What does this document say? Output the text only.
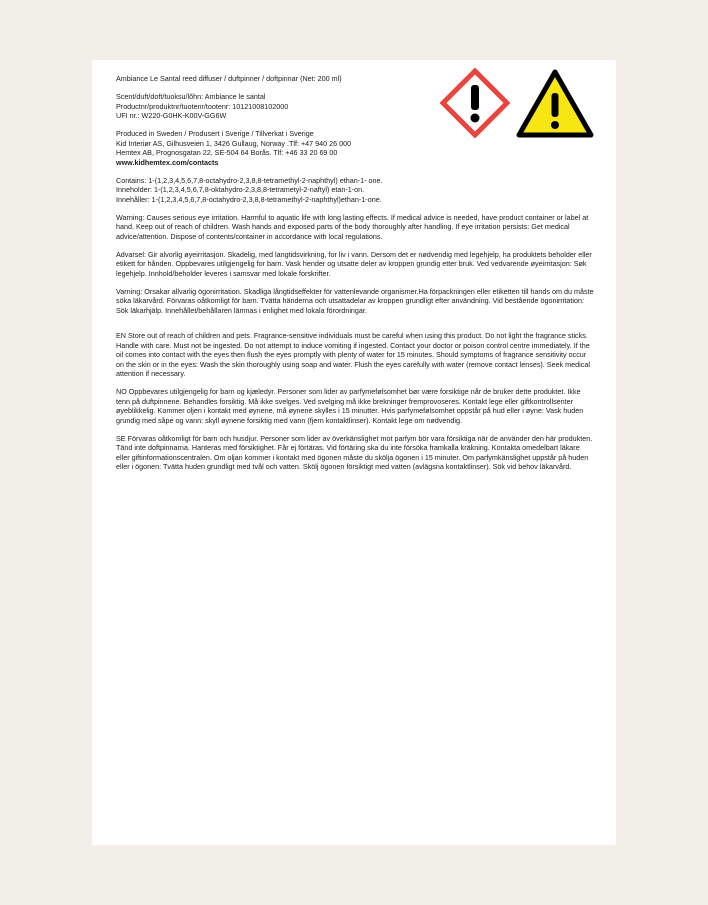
Ambiance Le Santal reed diffuser / duftpinner / doftpinnar (Net: 200 ml)

Scent/duft/doft/tuoksu/lõhn: Ambiance le santal

Productnr/produktnr/tuotenr/tootenr: 10121008102000

UFI nr.: W220-G0HK-K00V-GG6W

Produced in Sweden / Produsert i Sverige / Tillverkat i Sverige

Kid Interiør AS, Gilhusveien 1, 3426 Gullaug, Norway .Tlf: +47 940 26 000

Hemtex AB, Prognosgatan 22, SE-504 64 Borås. Tlf: +46 33 20 69 00

www.kidhemtex.com/contacts

Contains: 1-(1,2,3,4,5,6,7,8-octahydro-2,3,8,8-tetramethyl-2-naphthyl) ethan-1- one.

Inneholder: 1-(1,2,3,4,5,6,7,8-oktahydro-2,3,8,8-tetrametyl-2-naftyl) etan-1-on.

Innehåller: 1-(1,2,3,4,5,6,7,8-octahydro-2,3,8,8-tetramethyl-2-naphthyl)ethan-1-one.

Warning: Causes serious eye irritation. Harmful to aquatic life with long lasting effects. If medical advice is needed, have product container or label at hand. Keep out of reach of children. Wash hands and exposed parts of the body thoroughly after handling. If eye irritation persists: Get medical advice/attention. Dispose of contents/container in accordance with local regulations.

Advarsel: Gir alvorlig øyeirritasjon. Skadelig, med langtidsvirkning, for liv i vann. Dersom det er nødvendig med legehjelp, ha produktets beholder eller etikett for hånden. Oppbevares utilgjengelig for barn. Vask hender og utsatte deler av kroppen grundig etter bruk. Ved vedvarende øyeirritasjon: Søk legehjelp. Innhold/beholder leveres i samsvar med lokale forskrifter.

Varning: Orsakar allvarlig ögonirritation. Skadliga långtidseffekter för vattenlevande organismer.Ha förpackningen eller etiketten till hands om du måste söka läkarvård. Förvaras oåtkomligt för barn. Tvätta händerna och utsattadelar av kroppen grundligt efter användning. Vid bestående ögonirritation: Sök läkarhjälp. Innehållet/behållaren lämnas i enlighet med lokala förordningar.

EN Store out of reach of children and pets. Fragrance-sensitive individuals must be careful when using this product. Do not light the fragrance sticks. Handle with care. Must not be ingested. Do not attempt to induce vomiting if ingested. Contact your doctor or poison control centre immediately. If the oil comes into contact with the eyes then flush the eyes promptly with plenty of water for 15 minutes. Should symptoms of fragrance sensitivity occur on the skin or in the eyes: Wash the skin thoroughly using soap and water. Flush the eyes carefully with water (remove contact lenses). Seek medical attention if necessary.

NO Oppbevares utilgjengelig for barn og kjæledyr. Personer som lider av parfymefølsomhet bør være forsiktige når de bruker dette produktet. Ikke tenn på duftpinnene. Behandles forsiktig. Må ikke svelges. Ved svelging må ikke brekninger fremprovoseres. Kontakt lege eller giftkontrollsenter øyeblikkelig. Kommer oljen i kontakt med øynene, må øynene skylles i 15 minutter. Hvis parfymefølsomhet oppstår på hud eller i øyne: Vask huden grundig med såpe og vann: skyll øynene forsiktig med vann (fjern kontaktlinser). Kontakt lege om nødvendig.

SE Förvaras oåtkomligt för barn och husdjur. Personer som lider av överkänslighet mot parfym bör vara försiktiga när de använder den här produkten. Tänd inte doftpinnarna. Hanteras med försiktighet. Får ej förtäras. Vid förtäring ska du inte försöka framkalla kräkning. Kontakta omedelbart läkare eller giftinformationscentralen. Om oljan kommer i kontakt med ögonen måste du skölja ögonen i 15 minuter. Om parfymkänslighet uppstår på huden eller i ögonen: Tvätta huden grundligt med tvål och vatten. Skölj ögonen försiktigt med vatten (avlägsna kontaktlinser). Sök vid behov läkarvård.
